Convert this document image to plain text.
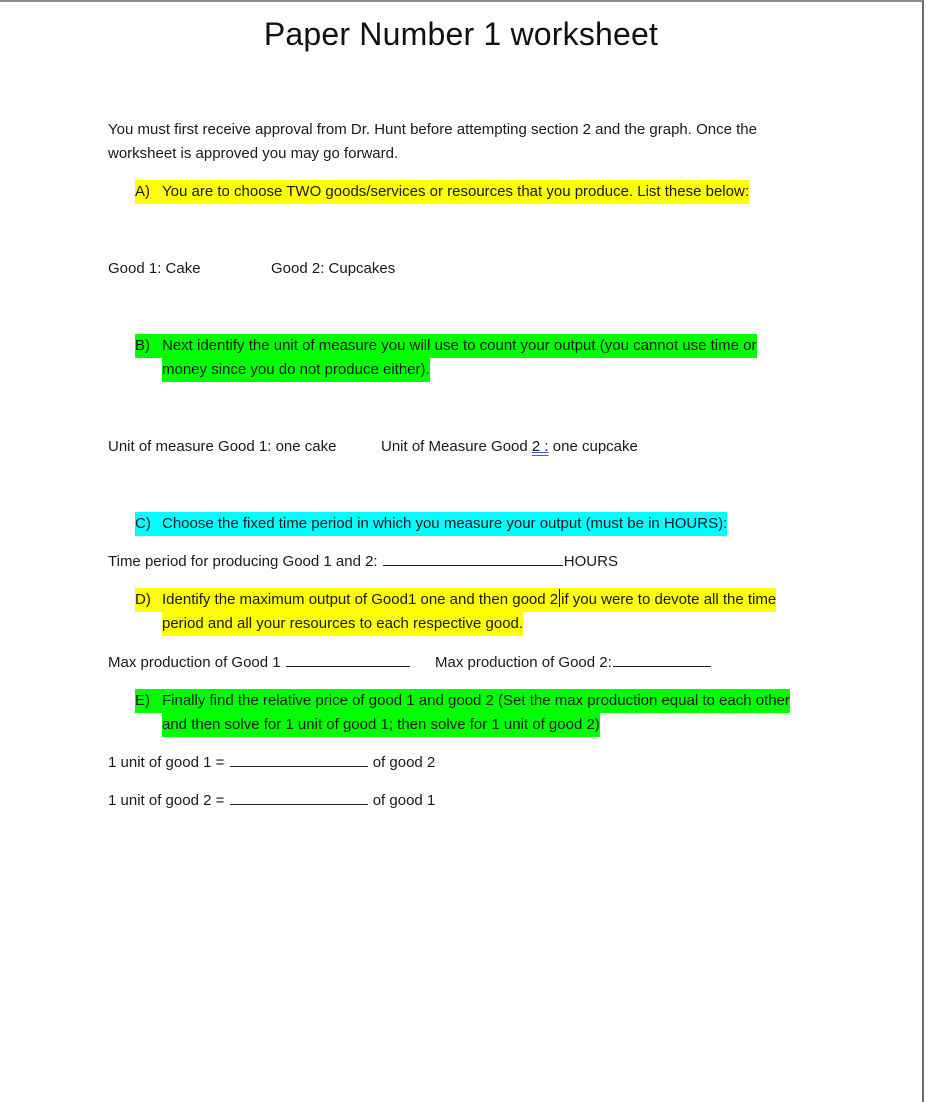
Paper Number 1 worksheet
You must first receive approval from Dr. Hunt before attempting section 2 and the graph. Once the worksheet is approved you may go forward.
A) You are to choose TWO goods/services or resources that you produce. List these below:
Good 1: Cake	Good 2: Cupcakes
B) Next identify the unit of measure you will use to count your output (you cannot use time or
money since you do not produce either).
Unit of measure Good 1: one cake	Unit of Measure Good 2 : one cupcake
C) Choose the fixed time period in which you measure your output (must be in HOURS):
Time period for producing Good 1 and 2:	HOURS
D) Identify the maximum output of Good1 one and then good 2 if you were to devote all the time
period and all your resources to each respective good.
Max production of Good 1	Max production of Good 2:
E) Finally find the relative price of good 1 and good 2 (Set the max production equal to each other
and then solve for 1 unit of good 1; then solve for 1 unit of good 2)
1 unit of good 1 =	of good 2
1 unit of good 2 =	of good 1
